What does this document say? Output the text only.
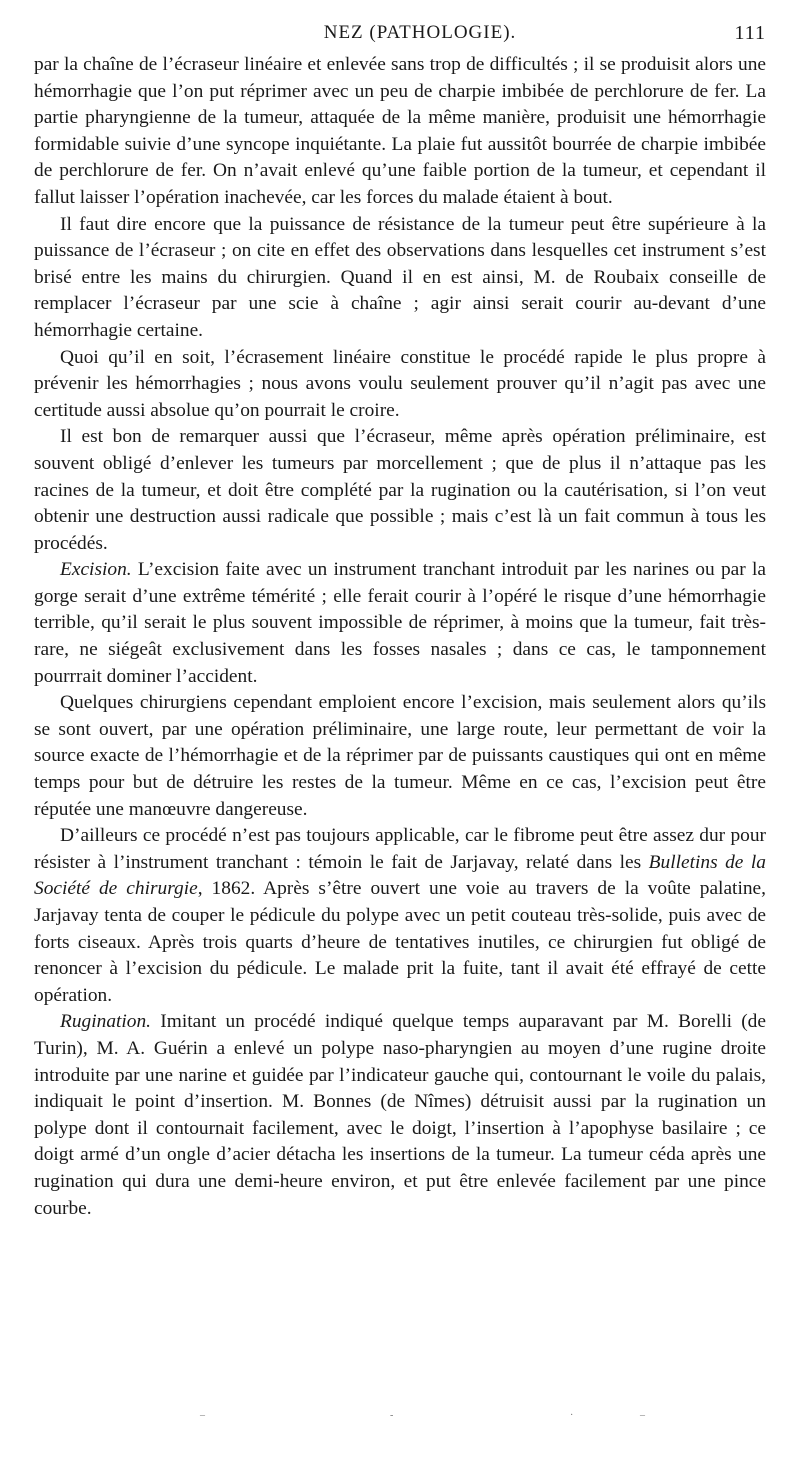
NEZ (PATHOLOGIE).	111

par la chaîne de l’écraseur linéaire et enlevée sans trop de difficultés ; il se produisit alors une hémorrhagie que l’on put réprimer avec un peu de charpie imbibée de perchlorure de fer. La partie pharyngienne de la tumeur, attaquée de la même manière, produisit une hémorrhagie formidable suivie d’une syncope inquiétante. La plaie fut aussitôt bourrée de charpie imbibée de perchlorure de fer. On n’avait enlevé qu’une faible portion de la tumeur, et cependant il fallut laisser l’opération inachevée, car les forces du malade étaient à bout.

Il faut dire encore que la puissance de résistance de la tumeur peut être supérieure à la puissance de l’écraseur ; on cite en effet des observations dans lesquelles cet instrument s’est brisé entre les mains du chirurgien. Quand il en est ainsi, M. de Roubaix conseille de remplacer l’écraseur par une scie à chaîne ; agir ainsi serait courir au-devant d’une hémorrhagie certaine.

Quoi qu’il en soit, l’écrasement linéaire constitue le procédé rapide le plus propre à prévenir les hémorrhagies ; nous avons voulu seulement prouver qu’il n’agit pas avec une certitude aussi absolue qu’on pourrait le croire.

Il est bon de remarquer aussi que l’écraseur, même après opération préliminaire, est souvent obligé d’enlever les tumeurs par morcellement ; que de plus il n’attaque pas les racines de la tumeur, et doit être complété par la rugination ou la cautérisation, si l’on veut obtenir une destruction aussi radicale que possible ; mais c’est là un fait commun à tous les procédés.

Excision. L’excision faite avec un instrument tranchant introduit par les narines ou par la gorge serait d’une extrême témérité ; elle ferait courir à l’opéré le risque d’une hémorrhagie terrible, qu’il serait le plus souvent impossible de réprimer, à moins que la tumeur, fait très-rare, ne siégeât exclusivement dans les fosses nasales ; dans ce cas, le tamponnement pourrrait dominer l’accident.

Quelques chirurgiens cependant emploient encore l’excision, mais seulement alors qu’ils se sont ouvert, par une opération préliminaire, une large route, leur permettant de voir la source exacte de l’hémorrhagie et de la réprimer par de puissants caustiques qui ont en même temps pour but de détruire les restes de la tumeur. Même en ce cas, l’excision peut être réputée une manœuvre dangereuse.

D’ailleurs ce procédé n’est pas toujours applicable, car le fibrome peut être assez dur pour résister à l’instrument tranchant : témoin le fait de Jarjavay, relaté dans les Bulletins de la Société de chirurgie, 1862. Après s’être ouvert une voie au travers de la voûte palatine, Jarjavay tenta de couper le pédicule du polype avec un petit couteau très-solide, puis avec de forts ciseaux. Après trois quarts d’heure de tentatives inutiles, ce chirurgien fut obligé de renoncer à l’excision du pédicule. Le malade prit la fuite, tant il avait été effrayé de cette opération.

Rugination. Imitant un procédé indiqué quelque temps auparavant par M. Borelli (de Turin), M. A. Guérin a enlevé un polype naso-pharyngien au moyen d’une rugine droite introduite par une narine et guidée par l’indicateur gauche qui, contournant le voile du palais, indiquait le point d’insertion. M. Bonnes (de Nîmes) détruisit aussi par la rugination un polype dont il contournait facilement, avec le doigt, l’insertion à l’apophyse basilaire ; ce doigt armé d’un ongle d’acier détacha les insertions de la tumeur. La tumeur céda après une rugination qui dura une demi-heure environ, et put être enlevée facilement par une pince courbe.

–	-	·	–
